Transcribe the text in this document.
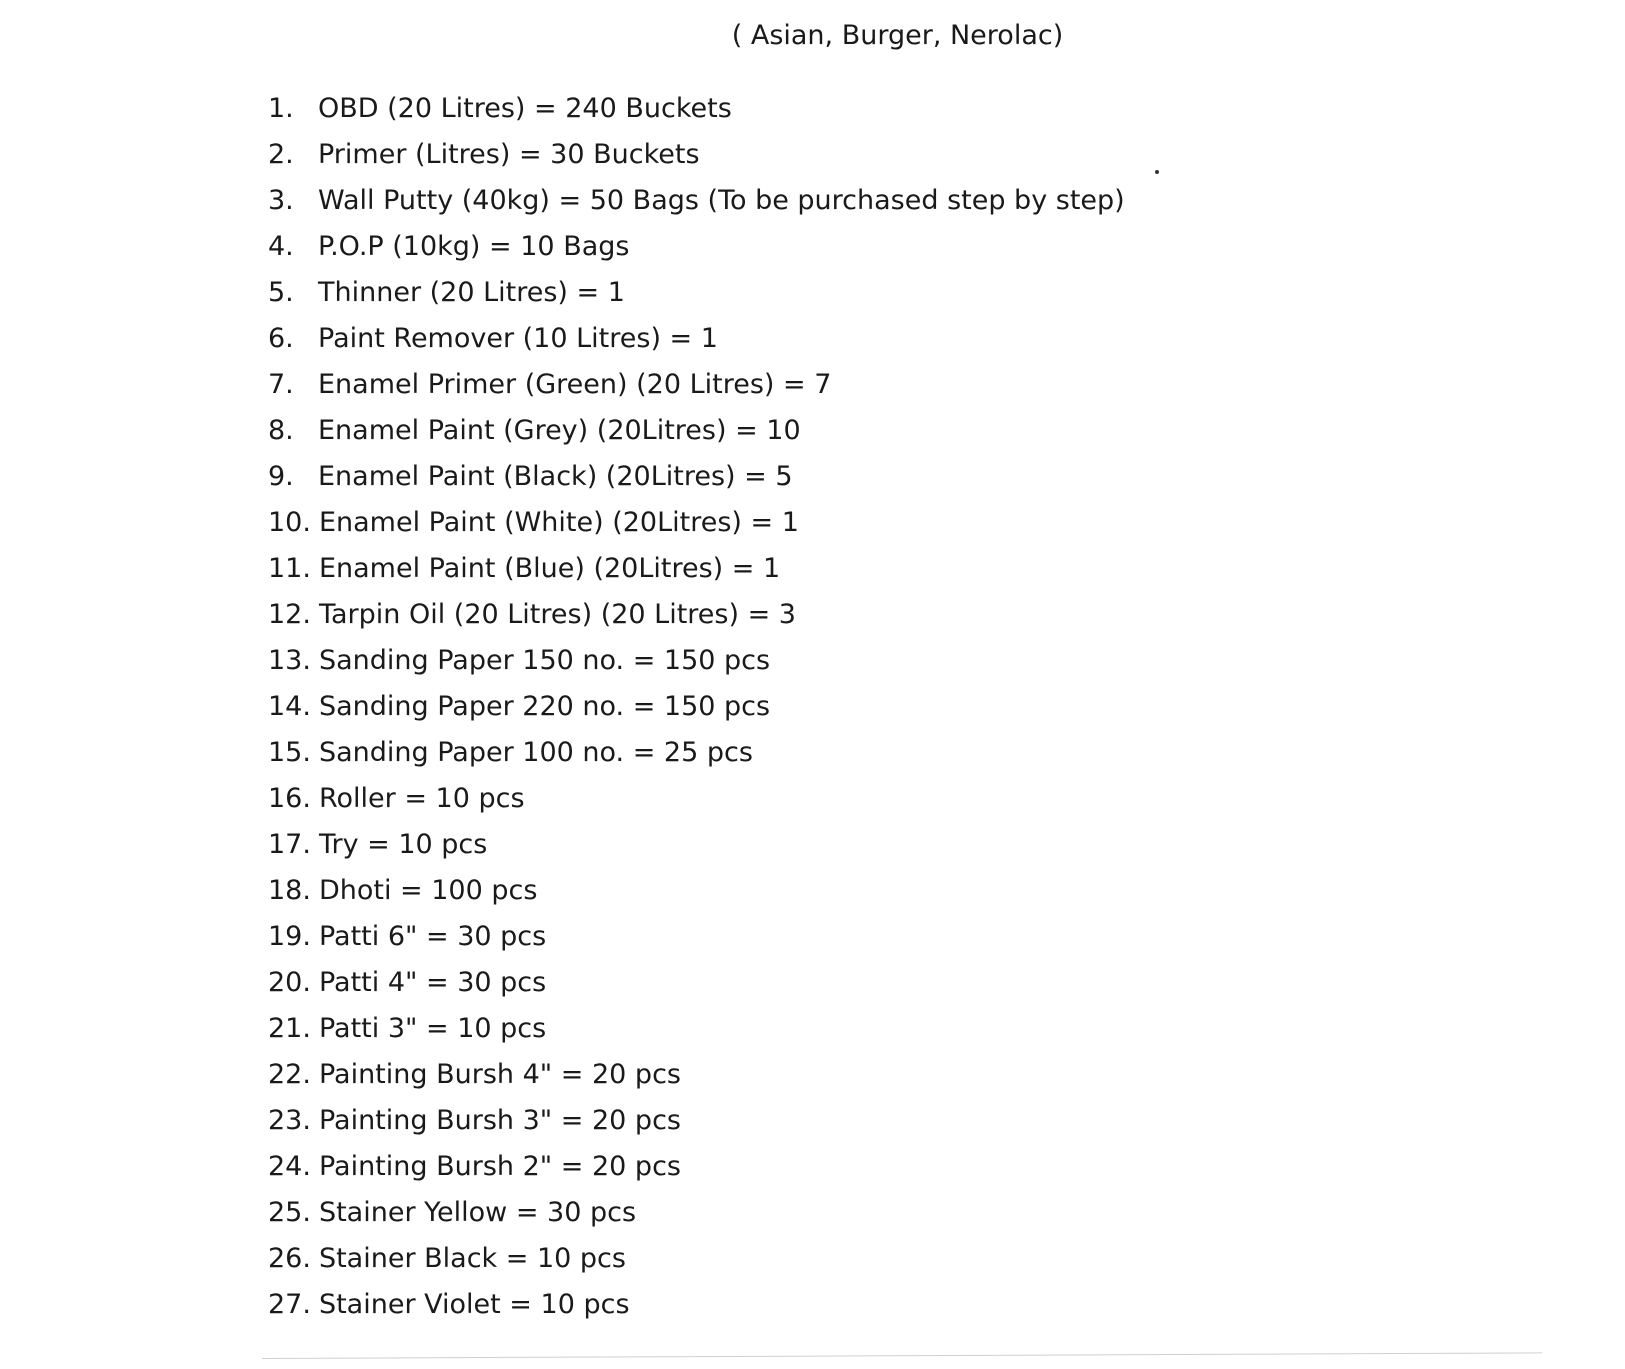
( Asian, Burger, Nerolac)
1. OBD (20 Litres) = 240 Buckets
2. Primer (Litres) = 30 Buckets
3. Wall Putty (40kg) = 50 Bags (To be purchased step by step)
4. P.O.P (10kg) = 10 Bags
5. Thinner (20 Litres) = 1
6. Paint Remover (10 Litres) = 1
7. Enamel Primer (Green) (20 Litres) = 7
8. Enamel Paint (Grey) (20Litres) = 10
9. Enamel Paint (Black) (20Litres) = 5
10. Enamel Paint (White) (20Litres) = 1
11. Enamel Paint (Blue) (20Litres) = 1
12. Tarpin Oil (20 Litres) (20 Litres) = 3
13. Sanding Paper 150 no. = 150 pcs
14. Sanding Paper 220 no. = 150 pcs
15. Sanding Paper 100 no. = 25 pcs
16. Roller = 10 pcs
17. Try = 10 pcs
18. Dhoti = 100 pcs
19. Patti 6" = 30 pcs
20. Patti 4" = 30 pcs
21. Patti 3" = 10 pcs
22. Painting Bursh 4" = 20 pcs
23. Painting Bursh 3" = 20 pcs
24. Painting Bursh 2" = 20 pcs
25. Stainer Yellow = 30 pcs
26. Stainer Black = 10 pcs
27. Stainer Violet = 10 pcs
